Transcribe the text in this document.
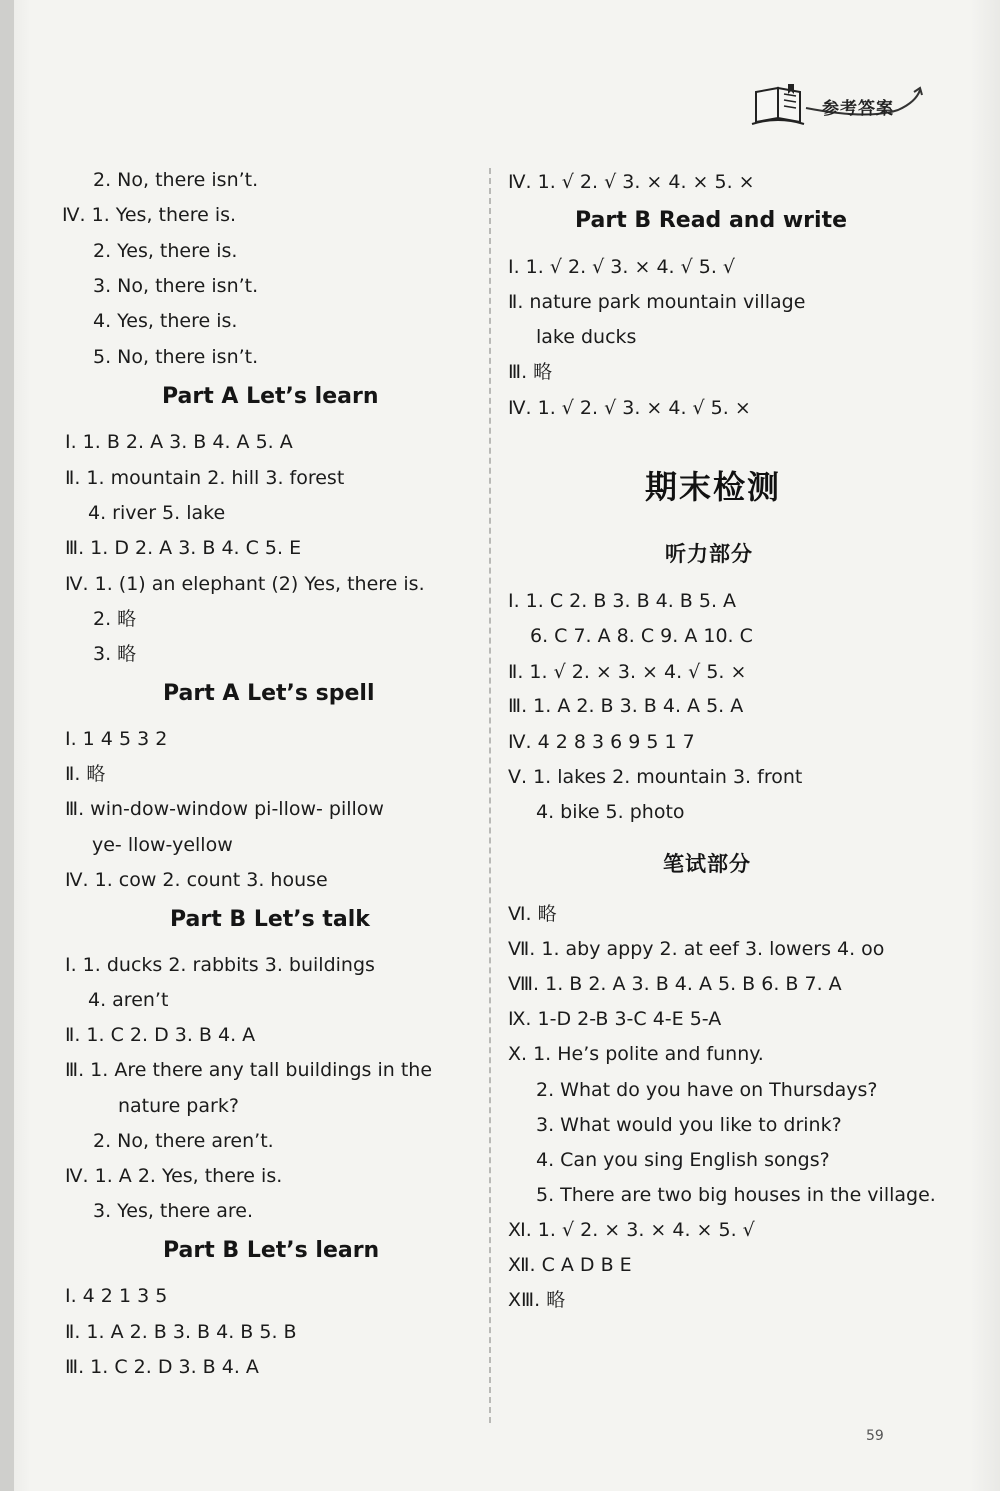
参考答案
2. No, there isn’t.
Ⅳ. 1. Yes, there is.
2. Yes, there is.
3. No, there isn’t.
4. Yes, there is.
5. No, there isn’t.
Part A Let’s learn
Ⅰ. 1. B 2. A 3. B 4. A 5. A
Ⅱ. 1. mountain 2. hill 3. forest
4. river 5. lake
Ⅲ. 1. D 2. A 3. B 4. C 5. E
Ⅳ. 1. (1) an elephant (2) Yes, there is.
2. 略
3. 略
Part A Let’s spell
Ⅰ. 1 4 5 3 2
Ⅱ. 略
Ⅲ. win-dow-window pi-llow- pillow
ye- llow-yellow
Ⅳ. 1. cow 2. count 3. house
Part B Let’s talk
Ⅰ. 1. ducks 2. rabbits 3. buildings
4. aren’t
Ⅱ. 1. C 2. D 3. B 4. A
Ⅲ. 1. Are there any tall buildings in the
nature park?
2. No, there aren’t.
Ⅳ. 1. A 2. Yes, there is.
3. Yes, there are.
Part B Let’s learn
Ⅰ. 4 2 1 3 5
Ⅱ. 1. A 2. B 3. B 4. B 5. B
Ⅲ. 1. C 2. D 3. B 4. A
Ⅳ. 1. √ 2. √ 3. × 4. × 5. ×
Part B Read and write
Ⅰ. 1. √ 2. √ 3. × 4. √ 5. √
Ⅱ. nature park mountain village
lake ducks
Ⅲ. 略
Ⅳ. 1. √ 2. √ 3. × 4. √ 5. ×
期末检测
听力部分
Ⅰ. 1. C 2. B 3. B 4. B 5. A
6. C 7. A 8. C 9. A 10. C
Ⅱ. 1. √ 2. × 3. × 4. √ 5. ×
Ⅲ. 1. A 2. B 3. B 4. A 5. A
Ⅳ. 4 2 8 3 6 9 5 1 7
Ⅴ. 1. lakes 2. mountain 3. front
4. bike 5. photo
笔试部分
Ⅵ. 略
Ⅶ. 1. aby appy 2. at eef 3. lowers 4. oo
Ⅷ. 1. B 2. A 3. B 4. A 5. B 6. B 7. A
Ⅸ. 1-D 2-B 3-C 4-E 5-A
Ⅹ. 1. He’s polite and funny.
2. What do you have on Thursdays?
3. What would you like to drink?
4. Can you sing English songs?
5. There are two big houses in the village.
Ⅺ. 1. √ 2. × 3. × 4. × 5. √
Ⅻ. C A D B E
ⅩⅢ. 略
59
